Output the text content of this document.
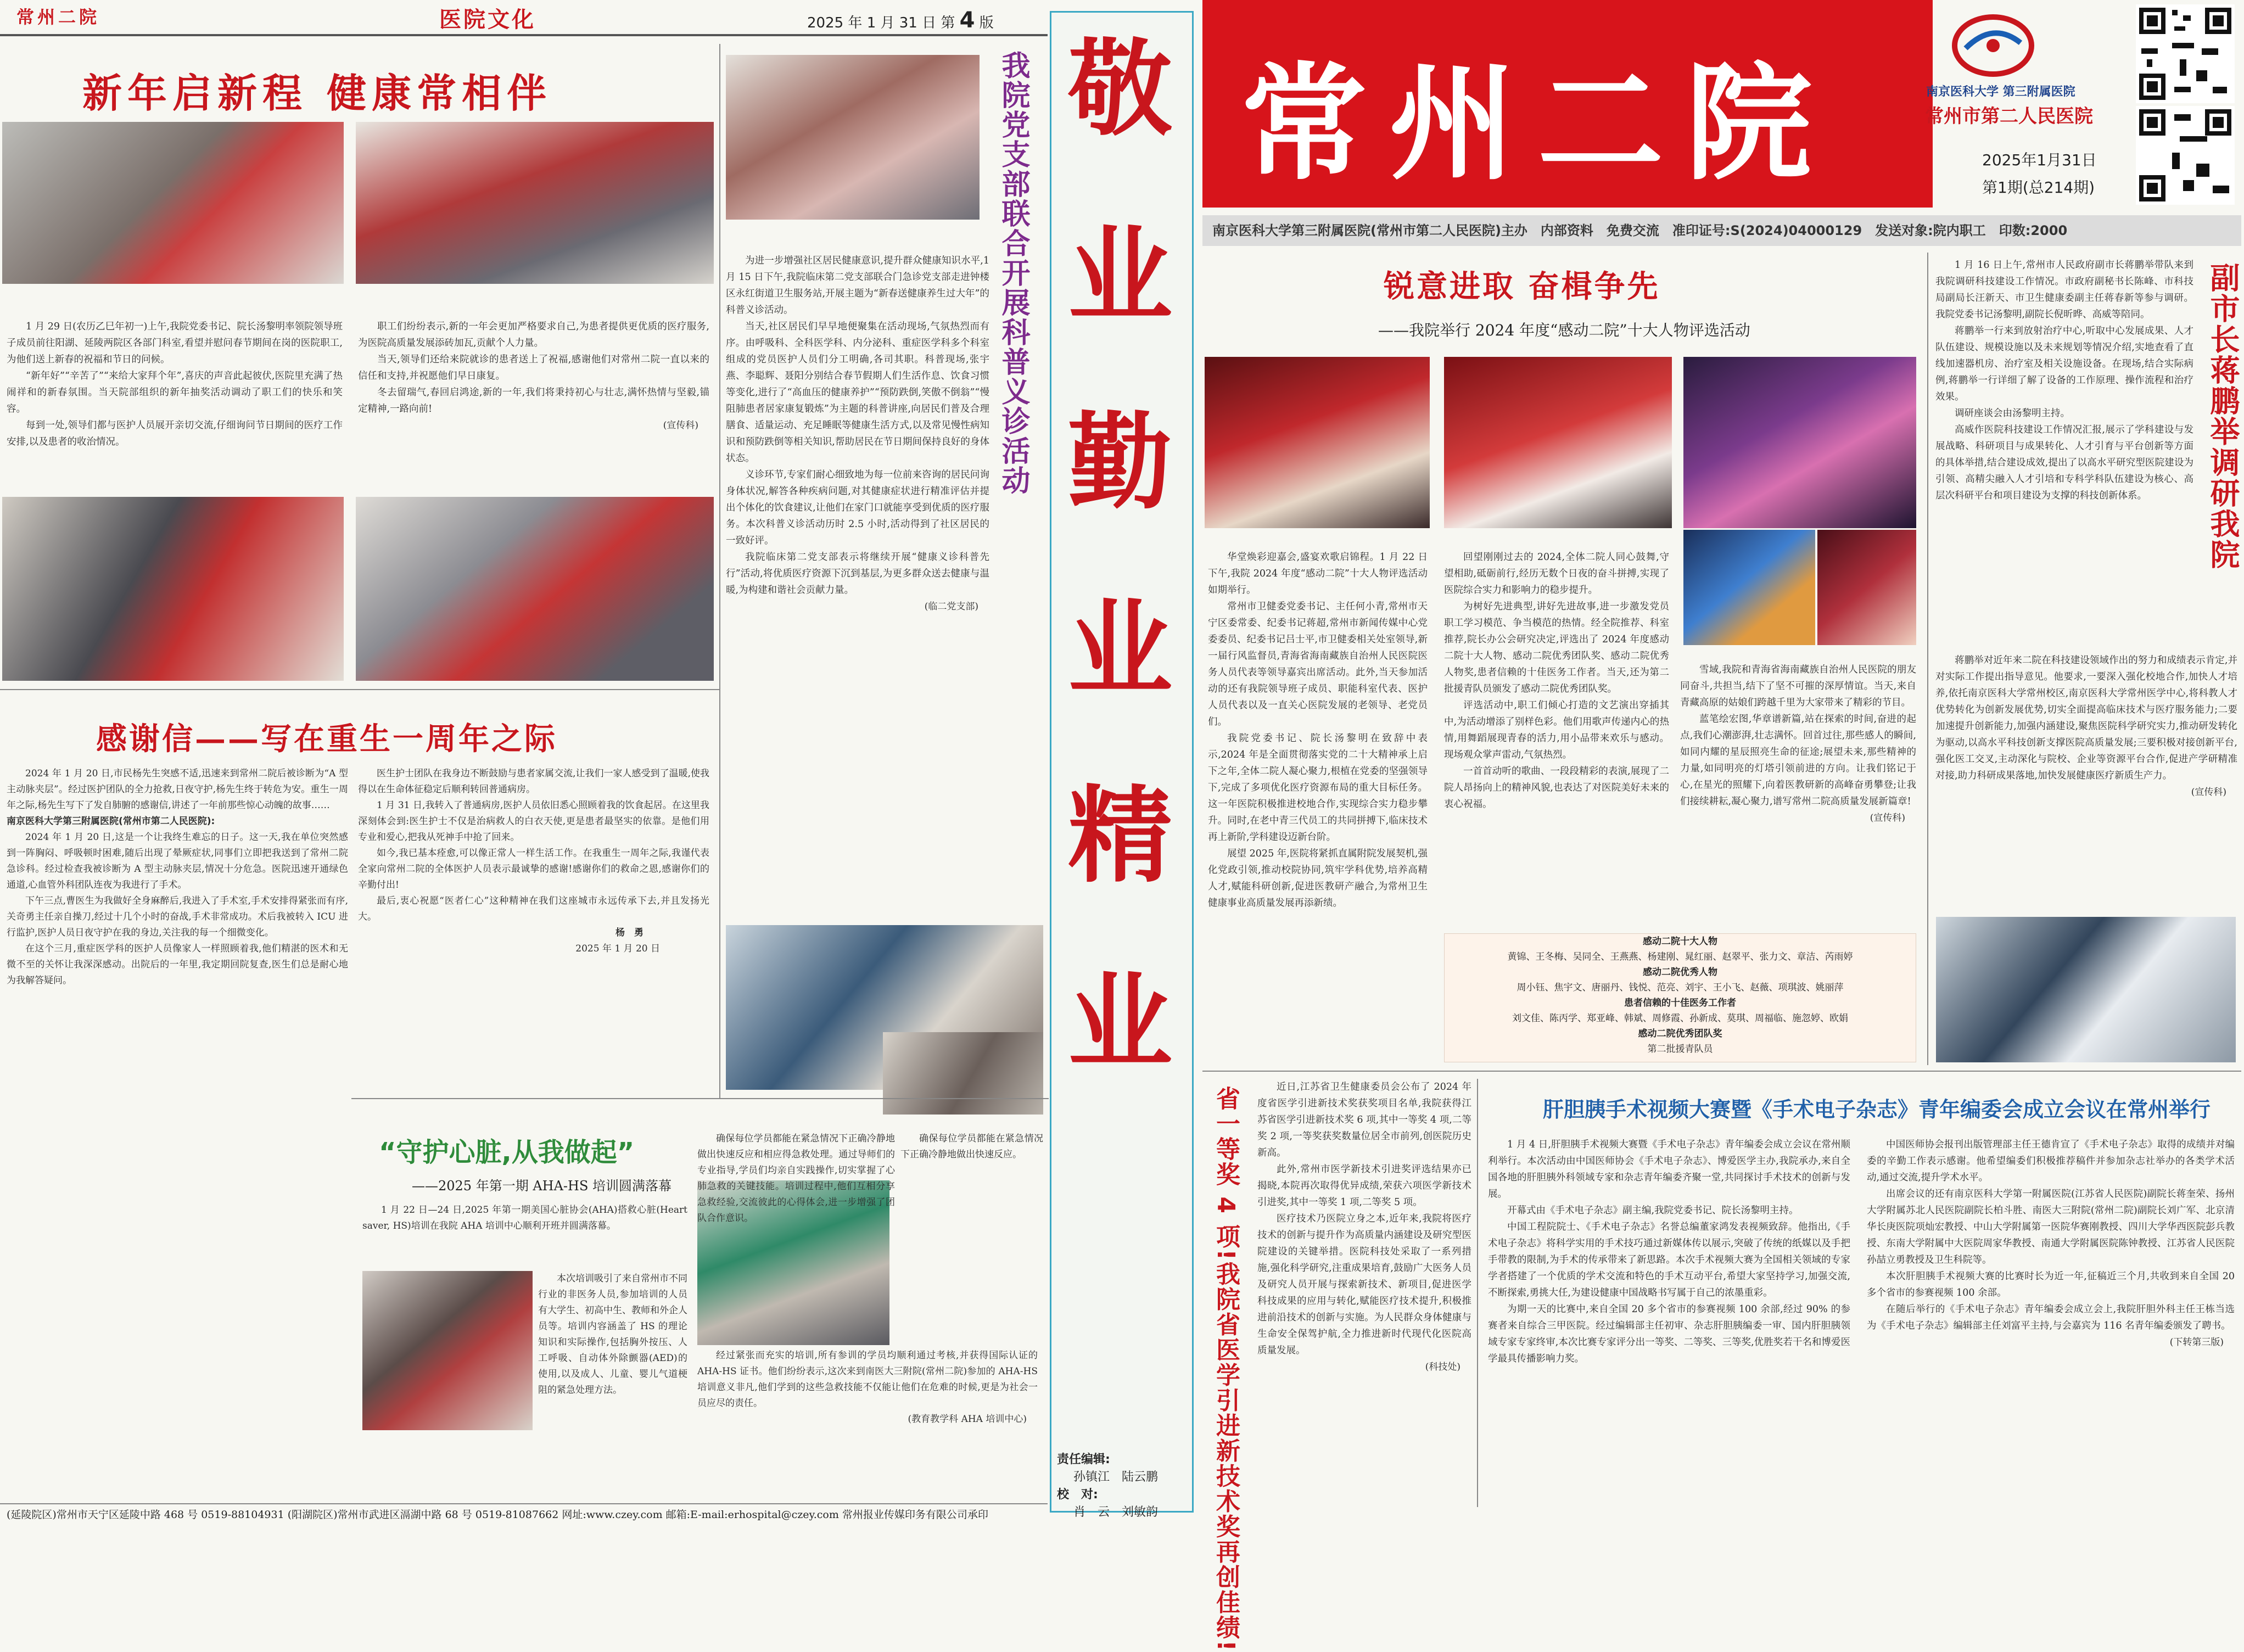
常州二院	医院文化	2025 年 1 月 31 日 第 4 版
新年启新程 健康常相伴

1 月 29 日(农历乙巳年初一)上午,我院党委书记、院长汤黎明率领院领导班子成员前往阳湖、延陵两院区各部门科室,看望并慰问春节期间在岗的医院职工,为他们送上新春的祝福和节日的问候。

“新年好”“辛苦了”“来给大家拜个年”,喜庆的声音此起彼伏,医院里充满了热闹祥和的新春氛围。当天院部组织的新年抽奖活动调动了职工们的快乐和笑容。

每到一处,领导们都与医护人员展开亲切交流,仔细询问节日期间的医疗工作安排,以及患者的收治情况。

职工们纷纷表示,新的一年会更加严格要求自己,为患者提供更优质的医疗服务,为医院高质量发展添砖加瓦,贡献个人力量。

当天,领导们还给来院就诊的患者送上了祝福,感谢他们对常州二院一直以来的信任和支持,并祝愿他们早日康复。

冬去留瑞气,春回启鸿途,新的一年,我们将秉持初心与壮志,满怀热情与坚毅,锚定精神,一路向前!

(宣传科)
感谢信——写在重生一周年之际

2024 年 1 月 20 日,市民杨先生突感不适,迅速来到常州二院后被诊断为“A 型主动脉夹层”。经过医护团队的全力抢救,日夜守护,杨先生终于转危为安。重生一周年之际,杨先生写下了发自肺腑的感谢信,讲述了一年前那些惊心动魄的故事……

南京医科大学第三附属医院(常州市第二人民医院):

2024 年 1 月 20 日,这是一个让我终生难忘的日子。这一天,我在单位突然感到一阵胸闷、呼吸顿时困难,随后出现了晕厥症状,同事们立即把我送到了常州二院急诊科。经过检查我被诊断为 A 型主动脉夹层,情况十分危急。医院迅速开通绿色通道,心血管外科团队连夜为我进行了手术。

下午三点,曹医生为我做好全身麻醉后,我进入了手术室,手术安排得紧张而有序,关奇勇主任亲自操刀,经过十几个小时的奋战,手术非常成功。术后我被转入 ICU 进行监护,医护人员日夜守护在我的身边,关注我的每一个细微变化。

在这个三月,重症医学科的医护人员像家人一样照顾着我,他们精湛的医术和无微不至的关怀让我深深感动。出院后的一年里,我定期回院复查,医生们总是耐心地为我解答疑问。

医生护士团队在我身边不断鼓励与患者家属交流,让我们一家人感受到了温暖,使我得以在生命体征稳定后顺利转回普通病房。

1 月 31 日,我转入了普通病房,医护人员依旧悉心照顾着我的饮食起居。在这里我深刻体会到:医生护士不仅是治病救人的白衣天使,更是患者最坚实的依靠。是他们用专业和爱心,把我从死神手中抢了回来。

如今,我已基本痊愈,可以像正常人一样生活工作。在我重生一周年之际,我谨代表全家向常州二院的全体医护人员表示最诚挚的感谢!感谢你们的救命之恩,感谢你们的辛勤付出!

最后,衷心祝愿“医者仁心”这种精神在我们这座城市永远传承下去,并且发扬光大。

杨　勇
2025 年 1 月 20 日
我院党支部联合开展科普义诊活动

为进一步增强社区居民健康意识,提升群众健康知识水平,1 月 15 日下午,我院临床第二党支部联合门急诊党支部走进钟楼区永红街道卫生服务站,开展主题为“新春送健康养生过大年”的科普义诊活动。

当天,社区居民们早早地便聚集在活动现场,气氛热烈而有序。由呼吸科、全科医学科、内分泌科、重症医学科多个科室组成的党员医护人员们分工明确,各司其职。科普现场,张宇燕、李聪辉、聂阳分别结合春节假期人们生活作息、饮食习惯等变化,进行了“高血压的健康养护”“预防跌倒,笑傲不倒翁”“慢阻肺患者居家康复锻炼”为主题的科普讲座,向居民们普及合理膳食、适量运动、充足睡眠等健康生活方式,以及常见慢性病知识和预防跌倒等相关知识,帮助居民在节日期间保持良好的身体状态。

义诊环节,专家们耐心细致地为每一位前来咨询的居民问询身体状况,解答各种疾病问题,对其健康症状进行精准评估并提出个体化的饮食建议,让他们在家门口就能享受到优质的医疗服务。本次科普义诊活动历时 2.5 小时,活动得到了社区居民的一致好评。

我院临床第二党支部表示将继续开展“健康义诊科普先行”活动,将优质医疗资源下沉到基层,为更多群众送去健康与温暖,为构建和谐社会贡献力量。

(临二党支部)
“守护心脏,从我做起”
——2025 年第一期 AHA-HS 培训圆满落幕

1 月 22 日—24 日,2025 年第一期美国心脏协会(AHA)搭救心脏(Heart saver, HS)培训在我院 AHA 培训中心顺利开班并圆满落幕。

本次培训吸引了来自常州市不同行业的非医务人员,参加培训的人员有大学生、初高中生、教师和外企人员等。培训内容涵盖了 HS 的理论知识和实际操作,包括胸外按压、人工呼吸、自动体外除颤器(AED)的使用,以及成人、儿童、婴儿气道梗阻的紧急处理方法。

确保每位学员都能在紧急情况下正确冷静地做出快速反应和相应得急救处理。通过导师们的专业指导,学员们均亲自实践操作,切实掌握了心肺急救的关键技能。培训过程中,他们互相分享急救经验,交流彼此的心得体会,进一步增强了团队合作意识。

经过紧张而充实的培训,所有参训的学员均顺利通过考核,并获得国际认证的 AHA-HS 证书。他们纷纷表示,这次来到南医大三附院(常州二院)参加的 AHA-HS 培训意义非凡,他们学到的这些急救技能不仅能让他们在危难的时候,更是为社会一员应尽的责任。

(教育教学科 AHA 培训中心)

确保每位学员都能在紧急情况下正确冷静地做出快速反应。

(延陵院区)常州市天宁区延陵中路 468 号 0519-88104931 (阳湖院区)常州市武进区滆湖中路 68 号 0519-81087662 网址:www.czey.com 邮箱:E-mail:erhospital@czey.com 常州报业传媒印务有限公司承印
敬
业
勤
业
精
业
责任编辑:
孙镇江　陆云鹏
校　对:
肖　云　刘敏韵
常州二院	南京医科大学 第三附属医院
常州市第二人民医院
2025年1月31日
第1期(总214期)
南京医科大学第三附属医院(常州市第二人民医院)主办　内部资料　免费交流　准印证号:S(2024)04000129　发送对象:院内职工　印数:2000
锐意进取 奋楫争先
——我院举行 2024 年度“感动二院”十大人物评选活动

华堂焕彩迎嘉会,盛宴欢歌启锦程。1 月 22 日下午,我院 2024 年度“感动二院”十大人物评选活动如期举行。

常州市卫健委党委书记、主任何小青,常州市天宁区委常委、纪委书记蒋超,常州市新闻传媒中心党委委员、纪委书记吕士平,市卫健委相关处室领导,新一届行风监督员,青海省海南藏族自治州人民医院医务人员代表等领导嘉宾出席活动。此外,当天参加活动的还有我院领导班子成员、职能科室代表、医护人员代表以及一直关心医院发展的老领导、老党员们。

我院党委书记、院长汤黎明在致辞中表示,2024 年是全面贯彻落实党的二十大精神承上启下之年,全体二院人凝心聚力,根植在党委的坚强领导下,完成了多项优化医疗资源布局的重大目标任务。这一年医院积极推进校地合作,实现综合实力稳步攀升。同时,在老中青三代员工的共同拼搏下,临床技术再上新阶,学科建设迈新台阶。

展望 2025 年,医院将紧抓直属附院发展契机,强化党政引领,推动校院协同,筑牢学科优势,培养高精人才,赋能科研创新,促进医教研产融合,为常州卫生健康事业高质量发展再添新绩。

回望刚刚过去的 2024,全体二院人同心鼓舞,守望相助,砥砺前行,经历无数个日夜的奋斗拼搏,实现了医院综合实力和影响力的稳步提升。

为树好先进典型,讲好先进故事,进一步激发党员职工学习模范、争当模范的热情。经全院推荐、科室推荐,院长办公会研究决定,评选出了 2024 年度感动二院十大人物、感动二院优秀团队奖、感动二院优秀人物奖,患者信赖的十佳医务工作者。当天,还为第二批援青队员颁发了感动二院优秀团队奖。

评选活动中,职工们倾心打造的文艺演出穿插其中,为活动增添了别样色彩。他们用歌声传递内心的热情,用舞蹈展现青春的活力,用小品带来欢乐与感动。现场观众掌声雷动,气氛热烈。

一首首动听的歌曲、一段段精彩的表演,展现了二院人昂扬向上的精神风貌,也表达了对医院美好未来的衷心祝福。

雪域,我院和青海省海南藏族自治州人民医院的朋友同奋斗,共担当,结下了坚不可摧的深厚情谊。当天,来自青藏高原的姑娘们跨越千里为大家带来了精彩的节目。

蓝笔绘宏图,华章谱新篇,站在探索的时间,奋进的起点,我们心潮澎湃,壮志满怀。回首过往,那些感人的瞬间,如同内耀的星辰照亮生命的征途;展望未来,那些精神的力量,如同明亮的灯塔引领前进的方向。让我们铭记于心,在星光的照耀下,向着医教研新的高峰奋勇攀登;让我们接续耕耘,凝心聚力,谱写常州二院高质量发展新篇章!

(宣传科)
感动二院十大人物
黄锦、王冬梅、吴同全、王燕燕、杨建刚、晁红丽、赵翠平、张力文、章洁、芮雨婷
感动二院优秀人物
周小钰、焦宇文、唐丽丹、钱悦、范亮、刘宇、王小飞、赵薇、项琪波、姚丽萍
患者信赖的十佳医务工作者
刘文佳、陈丙学、郑亚峰、韩斌、周修霞、孙新成、莫琪、周福临、施忽婷、欧娟
感动二院优秀团队奖
第二批援青队员
副市长蒋鹏举调研我院

1 月 16 日上午,常州市人民政府副市长蒋鹏举带队来到我院调研科技建设工作情况。市政府副秘书长陈峰、市科技局副局长汪新天、市卫生健康委副主任蒋春新等参与调研。我院党委书记汤黎明,副院长倪昕晔、高威等陪同。

蒋鹏举一行来到放射治疗中心,听取中心发展成果、人才队伍建设、规模设施以及未来规划等情况介绍,实地查看了直线加速器机房、治疗室及相关设施设备。在现场,结合实际病例,蒋鹏举一行详细了解了设备的工作原理、操作流程和治疗效果。

调研座谈会由汤黎明主持。

高威作医院科技建设工作情况汇报,展示了学科建设与发展战略、科研项目与成果转化、人才引育与平台创新等方面的具体举措,结合建设成效,提出了以高水平研究型医院建设为引领、高精尖融入人才引培和专科学科队伍建设为核心、高层次科研平台和项目建设为支撑的科技创新体系。

蒋鹏举对近年来二院在科技建设领域作出的努力和成绩表示肯定,并对实际工作提出指导意见。他要求,一要深入强化校地合作,加快人才培养,依托南京医科大学常州校区,南京医科大学常州医学中心,将科教人才优势转化为创新发展优势,切实全面提高临床技术与医疗服务能力;二要加速提升创新能力,加强内涵建设,聚焦医院科学研究实力,推动研发转化为驱动,以高水平科技创新支撑医院高质量发展;三要积极对接创新平台,强化医工交叉,主动深化与院校、企业等资源平台合作,促进产学研精准对接,助力科研成果落地,加快发展健康医疗新质生产力。

(宣传科)
省一等奖 4 项!我院省医学引进新技术奖再创佳绩!	近日,江苏省卫生健康委员会公布了 2024 年度省医学引进新技术奖获奖项目名单,我院获得江苏省医学引进新技术奖 6 项,其中一等奖 4 项,二等奖 2 项,一等奖获奖数量位居全市前列,创医院历史新高。

此外,常州市医学新技术引进奖评选结果亦已揭晓,本院再次取得优异成绩,荣获六项医学新技术引进奖,其中一等奖 1 项,二等奖 5 项。

医疗技术乃医院立身之本,近年来,我院将医疗技术的创新与提升作为高质量内涵建设及研究型医院建设的关键举措。医院科技处采取了一系列措施,强化科学研究,注重成果培育,鼓励广大医务人员及研究人员开展与探索新技术、新项目,促进医学科技成果的应用与转化,赋能医疗技术提升,积极推进前沿技术的创新与实施。为人民群众身体健康与生命安全保驾护航,全力推进新时代现代化医院高质量发展。

(科技处)
肝胆胰手术视频大赛暨《手术电子杂志》青年编委会成立会议在常州举行

1 月 4 日,肝胆胰手术视频大赛暨《手术电子杂志》青年编委会成立会议在常州顺利举行。本次活动由中国医师协会《手术电子杂志》、博爱医学主办,我院承办,来自全国各地的肝胆胰外科领域专家和杂志青年编委齐聚一堂,共同探讨手术技术的创新与发展。

开幕式由《手术电子杂志》副主编,我院党委书记、院长汤黎明主持。

中国工程院院士、《手术电子杂志》名誉总编董家鸿发表视频致辞。他指出,《手术电子杂志》将科学实用的手术技巧通过新媒体传以展示,突破了传统的纸媒以及手把手带教的限制,为手术的传承带来了新思路。本次手术视频大赛为全国相关领域的专家学者搭建了一个优质的学术交流和特色的手术互动平台,希望大家坚持学习,加强交流,不断探索,勇挑大任,为建设健康中国战略书写属于自己的浓墨重彩。

为期一天的比赛中,来自全国 20 多个省市的参赛视频 100 余部,经过 90% 的参赛者来自综合三甲医院。经过编辑部主任初审、杂志肝胆胰编委一审、国内肝胆胰领域专家专家终审,本次比赛专家评分出一等奖、二等奖、三等奖,优胜奖若干名和博爱医学最具传播影响力奖。

中国医师协会报刊出版管理部主任王德肯宣了《手术电子杂志》取得的成绩并对编委的辛勤工作表示感谢。他希望编委们积极推荐稿件并参加杂志社举办的各类学术活动,通过交流,提升学术水平。

出席会议的还有南京医科大学第一附属医院(江苏省人民医院)副院长蒋奎荣、扬州大学附属苏北人民医院副院长柏斗胜、南医大三附院(常州二院)副院长刘广军、北京清华长庚医院项灿宏教授、中山大学附属第一医院华赛刚教授、四川大学华西医院彭兵教授、东南大学附属中大医院周家华教授、南通大学附属医院陈钟教授、江苏省人民医院孙喆立勇教授及卫生科院等。

本次肝胆胰手术视频大赛的比赛时长为近一年,征稿近三个月,共收到来自全国 20 多个省市的参赛视频 100 余部。

在随后举行的《手术电子杂志》青年编委会成立会上,我院肝胆外科主任王栋当选为《手术电子杂志》编辑部主任刘富平主持,与会嘉宾为 116 名青年编委颁发了聘书。

(下转第三版)
